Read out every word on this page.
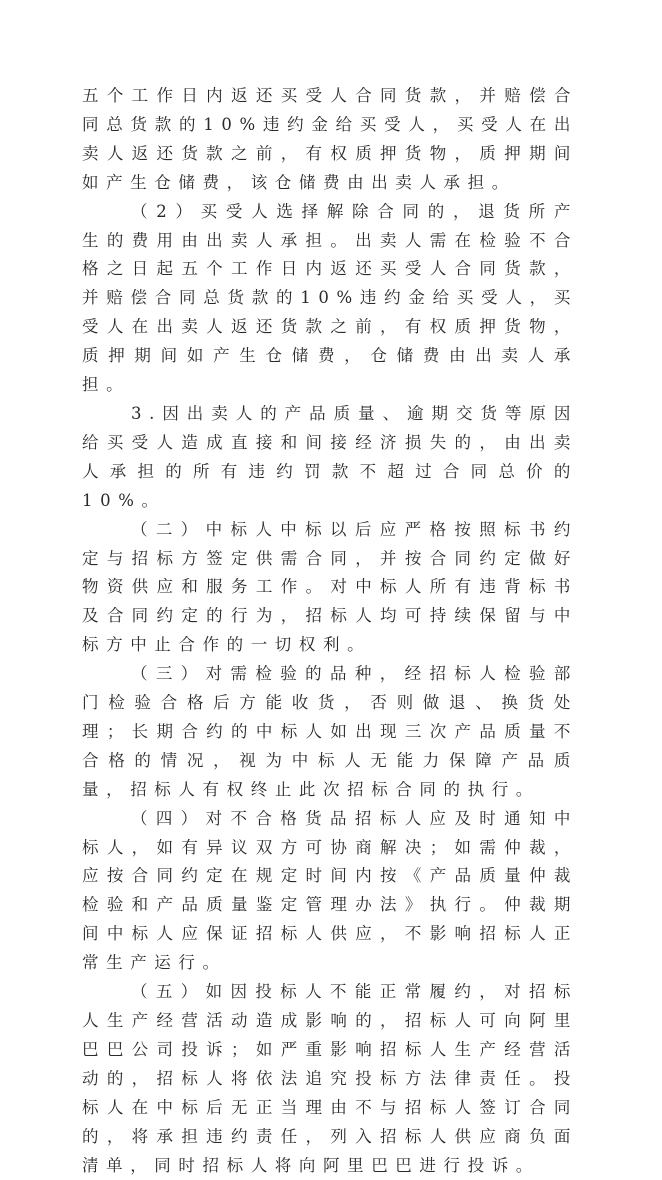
五个工作日内返还买受人合同货款，并赔偿合同总货款的10%违约金给买受人，买受人在出卖人返还货款之前，有权质押货物，质押期间如产生仓储费，该仓储费由出卖人承担。

（2）买受人选择解除合同的，退货所产生的费用由出卖人承担。出卖人需在检验不合格之日起五个工作日内返还买受人合同货款，并赔偿合同总货款的10%违约金给买受人，买受人在出卖人返还货款之前，有权质押货物，质押期间如产生仓储费，仓储费由出卖人承担。

3.因出卖人的产品质量、逾期交货等原因给买受人造成直接和间接经济损失的，由出卖人承担的所有违约罚款不超过合同总价的10%。

（二）中标人中标以后应严格按照标书约定与招标方签定供需合同，并按合同约定做好物资供应和服务工作。对中标人所有违背标书及合同约定的行为，招标人均可持续保留与中标方中止合作的一切权利。

（三）对需检验的品种，经招标人检验部门检验合格后方能收货，否则做退、换货处理；长期合约的中标人如出现三次产品质量不合格的情况，视为中标人无能力保障产品质量，招标人有权终止此次招标合同的执行。

（四）对不合格货品招标人应及时通知中标人，如有异议双方可协商解决；如需仲裁，应按合同约定在规定时间内按《产品质量仲裁检验和产品质量鉴定管理办法》执行。仲裁期间中标人应保证招标人供应，不影响招标人正常生产运行。

（五）如因投标人不能正常履约，对招标人生产经营活动造成影响的，招标人可向阿里巴巴公司投诉；如严重影响招标人生产经营活动的，招标人将依法追究投标方法律责任。投标人在中标后无正当理由不与招标人签订合同的，将承担违约责任，列入招标人供应商负面清单，同时招标人将向阿里巴巴进行投诉。
